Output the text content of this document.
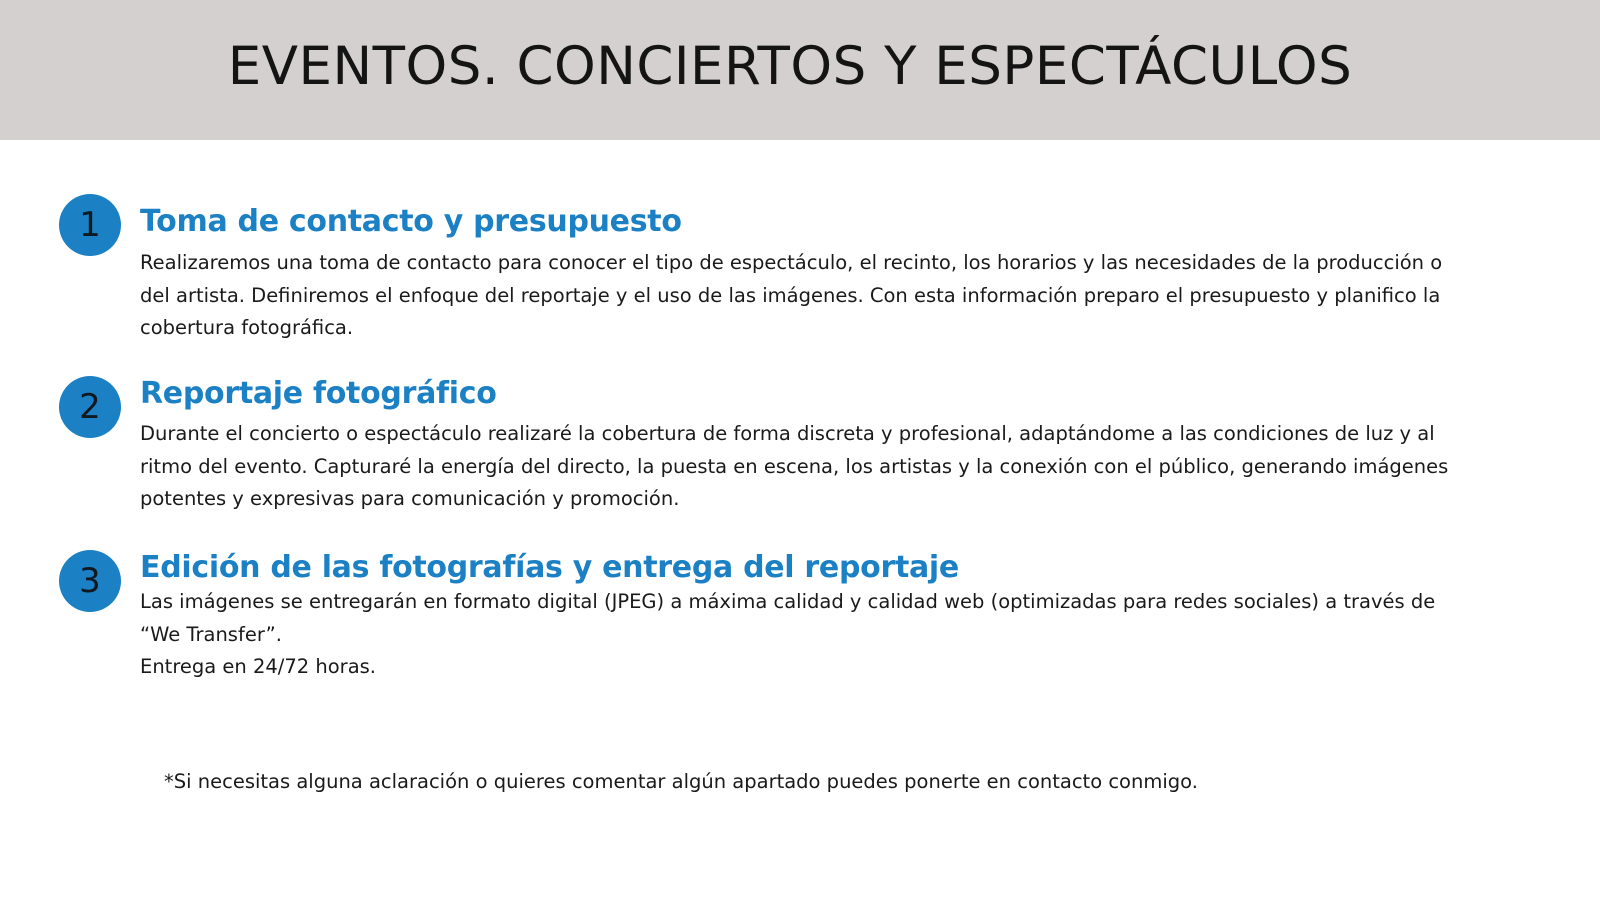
EVENTOS. CONCIERTOS Y ESPECTÁCULOS
1	Toma de contacto y presupuesto

Realizaremos una toma de contacto para conocer el tipo de espectáculo, el recinto, los horarios y las necesidades de la producción o del artista. Definiremos el enfoque del reportaje y el uso de las imágenes. Con esta información preparo el presupuesto y planifico la cobertura fotográfica.

2	Reportaje fotográfico

Durante el concierto o espectáculo realizaré la cobertura de forma discreta y profesional, adaptándome a las condiciones de luz y al ritmo del evento. Capturaré la energía del directo, la puesta en escena, los artistas y la conexión con el público, generando imágenes potentes y expresivas para comunicación y promoción.

3	Edición de las fotografías y entrega del reportaje

Las imágenes se entregarán en formato digital (JPEG) a máxima calidad y calidad web (optimizadas para redes sociales) a través de “We Transfer”.

Entrega en 24/72 horas.

*Si necesitas alguna aclaración o quieres comentar algún apartado puedes ponerte en contacto conmigo.
